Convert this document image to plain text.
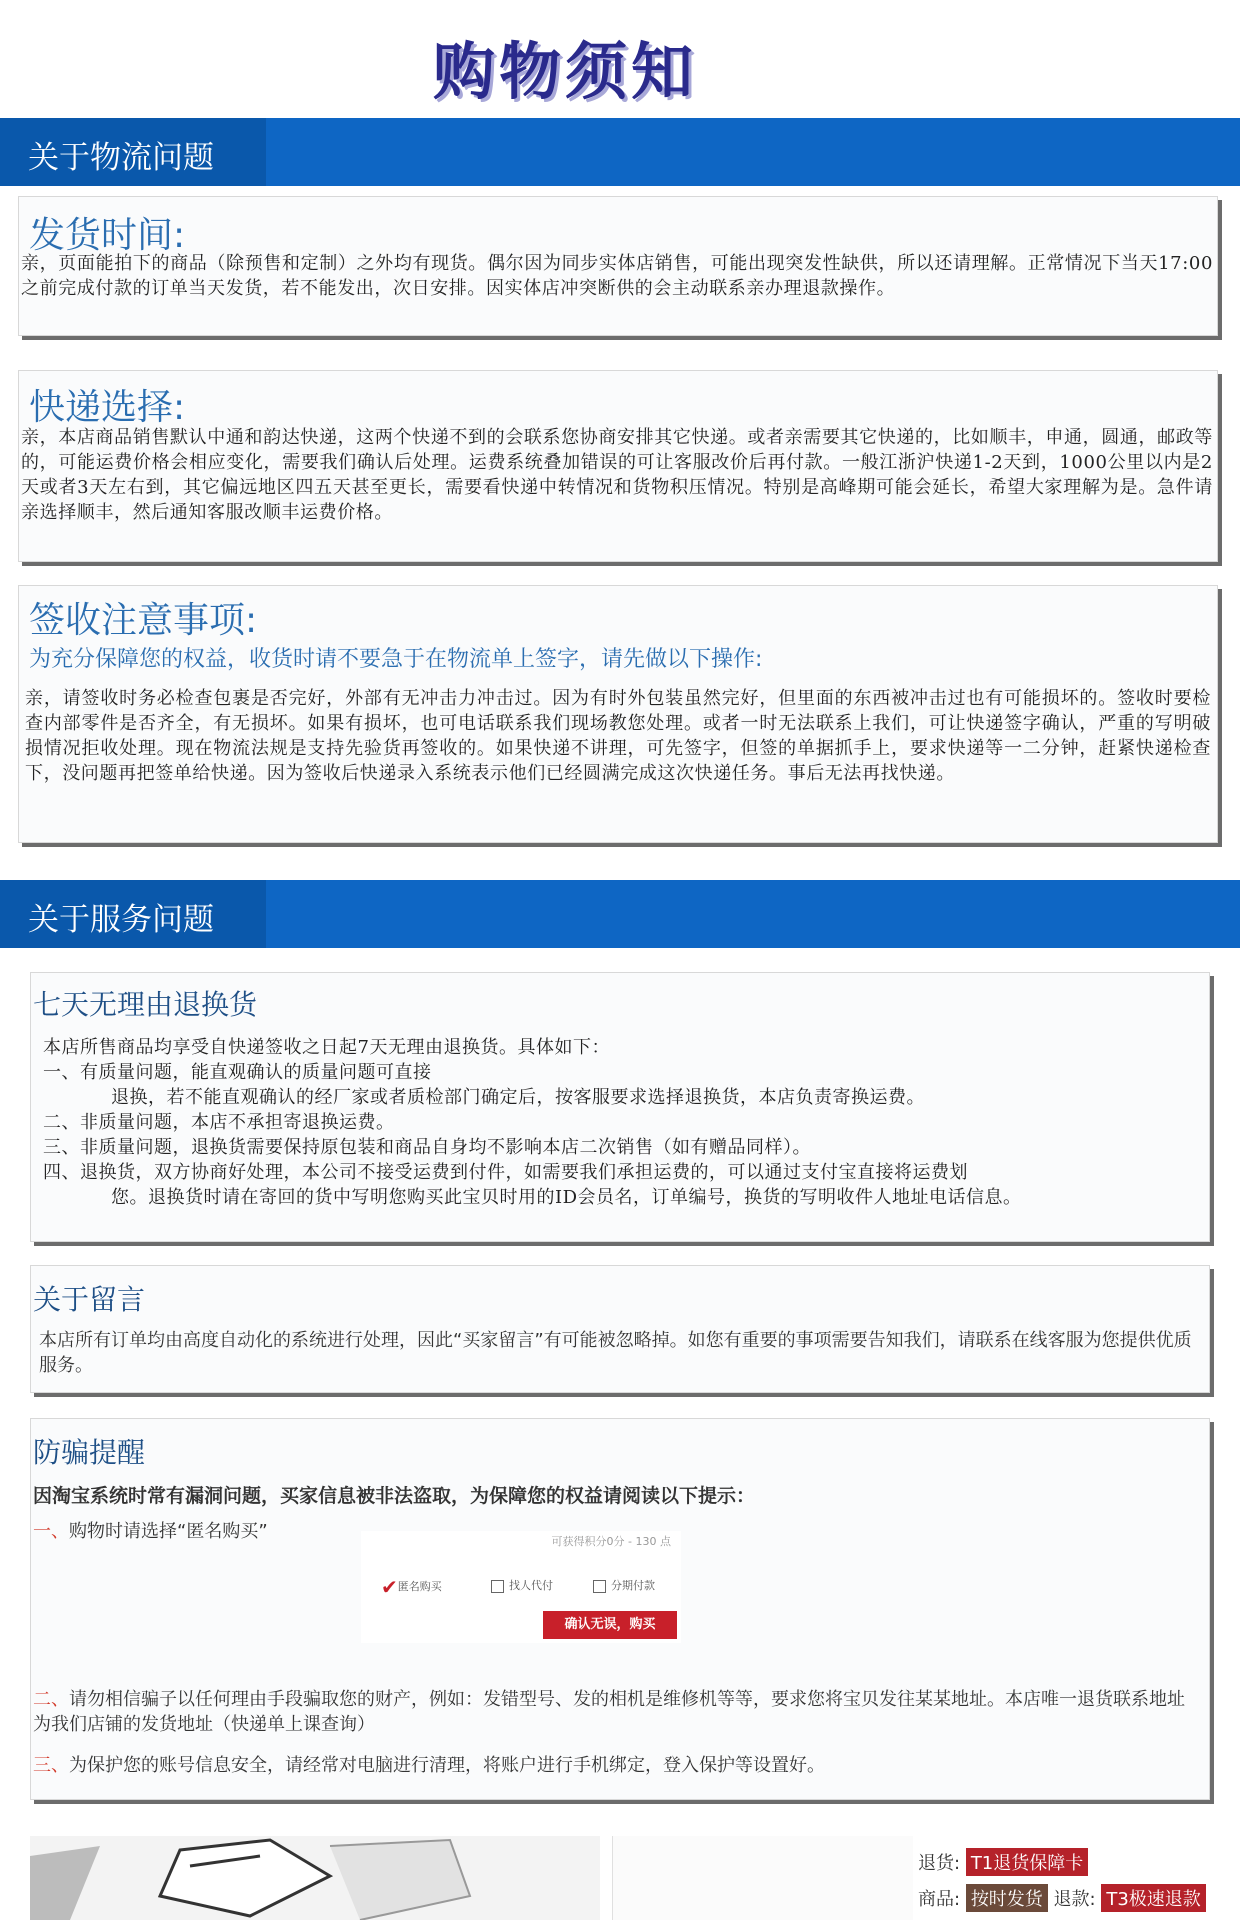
购物须知
关于物流问题
发货时间:
亲，页面能拍下的商品（除预售和定制）之外均有现货。偶尔因为同步实体店销售，可能出现突发性缺供，所以还请理解。正常情况下当天17:00之前完成付款的订单当天发货，若不能发出，次日安排。因实体店冲突断供的会主动联系亲办理退款操作。
快递选择:
亲，本店商品销售默认中通和韵达快递，这两个快递不到的会联系您协商安排其它快递。或者亲需要其它快递的，比如顺丰，申通，圆通，邮政等的，可能运费价格会相应变化，需要我们确认后处理。运费系统叠加错误的可让客服改价后再付款。一般江浙沪快递1-2天到，1000公里以内是2天或者3天左右到，其它偏远地区四五天甚至更长，需要看快递中转情况和货物积压情况。特别是高峰期可能会延长，希望大家理解为是。急件请亲选择顺丰，然后通知客服改顺丰运费价格。
签收注意事项:
为充分保障您的权益，收货时请不要急于在物流单上签字，请先做以下操作:
亲，请签收时务必检查包裹是否完好，外部有无冲击力冲击过。因为有时外包装虽然完好，但里面的东西被冲击过也有可能损坏的。签收时要检查内部零件是否齐全，有无损坏。如果有损坏，也可电话联系我们现场教您处理。或者一时无法联系上我们，可让快递签字确认，严重的写明破损情况拒收处理。现在物流法规是支持先验货再签收的。如果快递不讲理，可先签字，但签的单据抓手上，要求快递等一二分钟，赶紧快递检查下，没问题再把签单给快递。因为签收后快递录入系统表示他们已经圆满完成这次快递任务。事后无法再找快递。
关于服务问题
七天无理由退换货
本店所售商品均享受自快递签收之日起7天无理由退换货。具体如下：
一、有质量问题，能直观确认的质量问题可直接
退换，若不能直观确认的经厂家或者质检部门确定后，按客服要求选择退换货，本店负责寄换运费。
二、非质量问题，本店不承担寄退换运费。
三、非质量问题，退换货需要保持原包装和商品自身均不影响本店二次销售（如有赠品同样）。
四、退换货，双方协商好处理，本公司不接受运费到付件，如需要我们承担运费的，可以通过支付宝直接将运费划
您。退换货时请在寄回的货中写明您购买此宝贝时用的ID会员名，订单编号，换货的写明收件人地址电话信息。
关于留言
本店所有订单均由高度自动化的系统进行处理，因此“买家留言”有可能被忽略掉。如您有重要的事项需要告知我们，请联系在线客服为您提供优质服务。
防骗提醒
因淘宝系统时常有漏洞问题，买家信息被非法盗取，为保障您的权益请阅读以下提示：
一、购物时请选择“匿名购买”	可获得积分0分 - 130 点
✔匿名购买	找人代付	分期付款
确认无误，购买
二、请勿相信骗子以任何理由手段骗取您的财产，例如：发错型号、发的相机是维修机等等，要求您将宝贝发往某某地址。本店唯一退货联系地址为我们店铺的发货地址（快递单上课查询）
三、为保护您的账号信息安全，请经常对电脑进行清理，将账户进行手机绑定，登入保护等设置好。
退货: T1退货保障卡
商品: 按时发货 退款: T3极速退款
